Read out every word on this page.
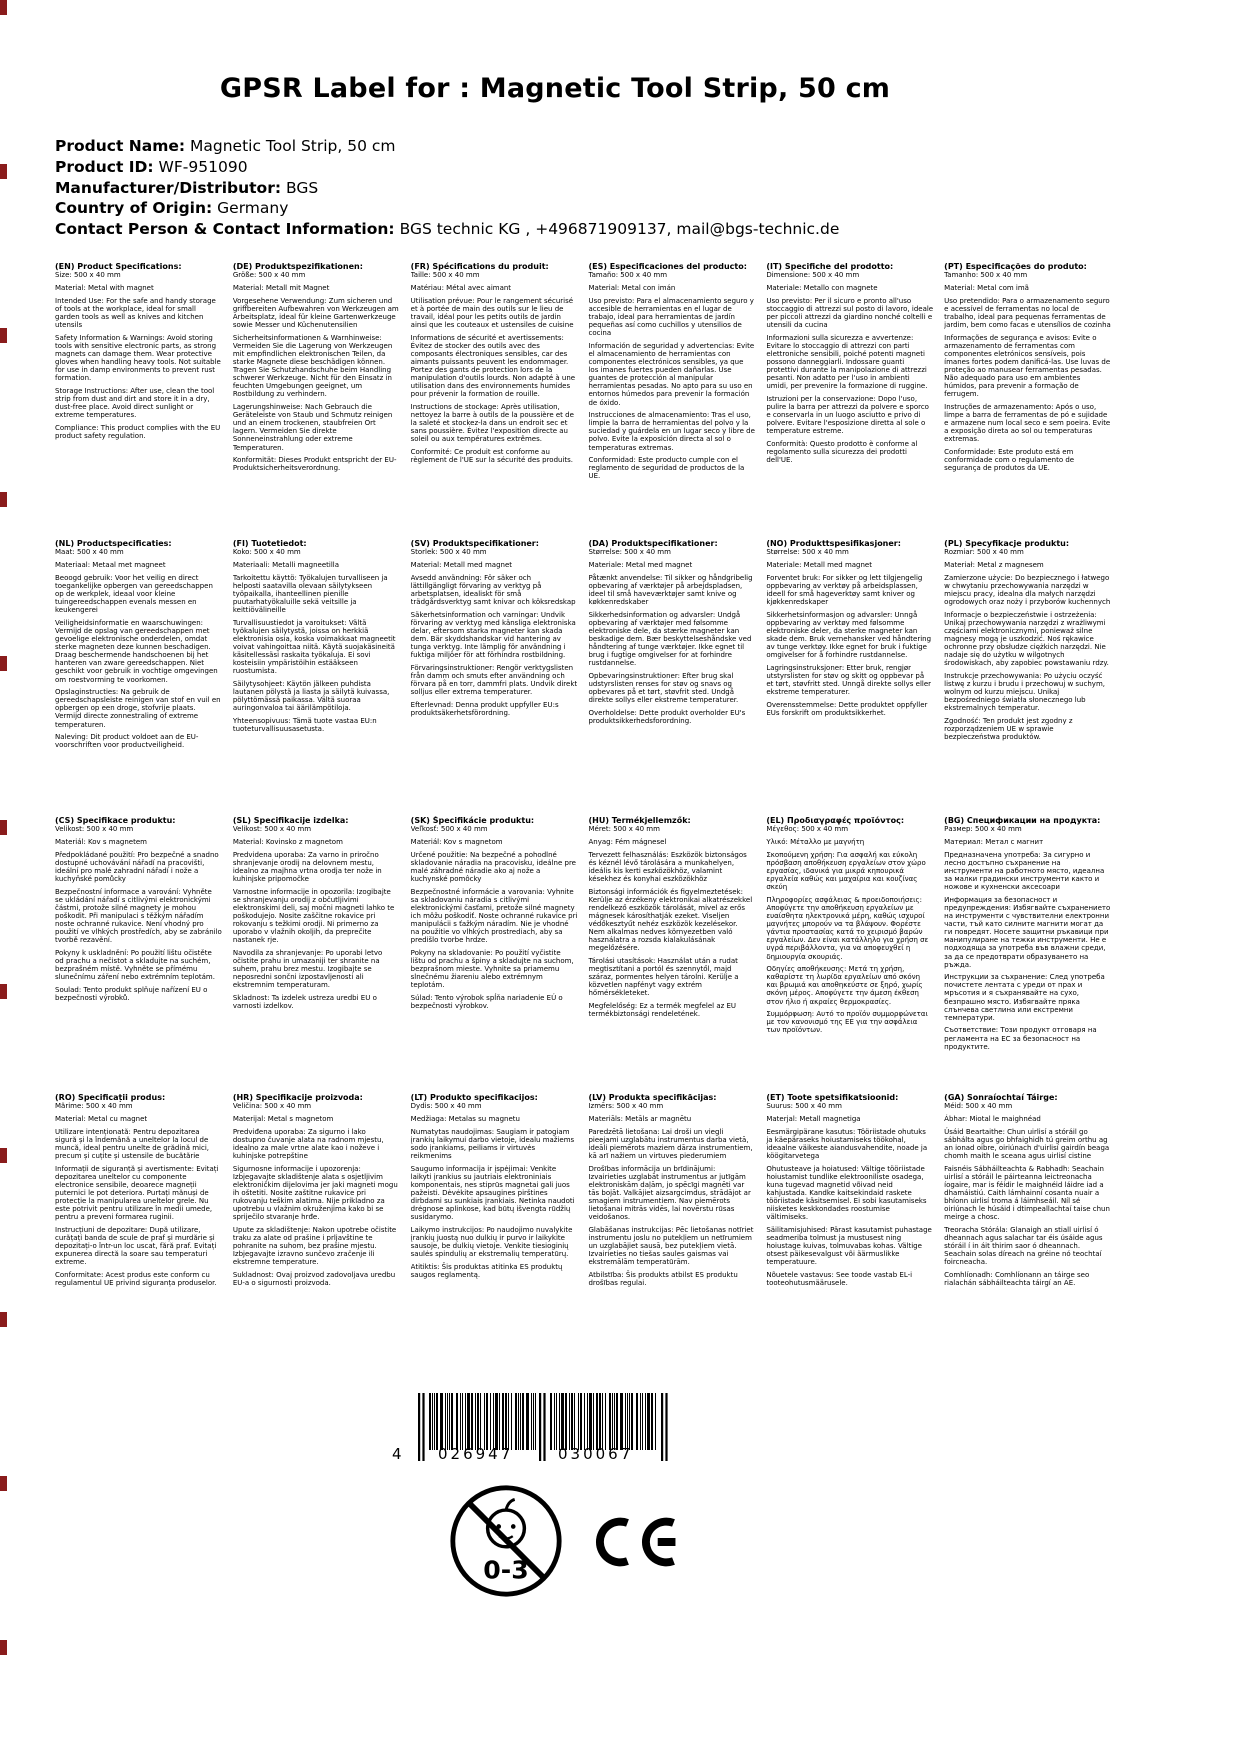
GPSR Label for : Magnetic Tool Strip, 50 cm
Product Name: Magnetic Tool Strip, 50 cm
Product ID: WF-951090
Manufacturer/Distributor: BGS
Country of Origin: Germany
Contact Person & Contact Information: BGS technic KG , +496871909137, mail@bgs-technic.de
(EN) Product Specifications:

Size: 500 x 40 mm

Material: Metal with magnet

Intended Use: For the safe and handy storage of tools at the workplace, ideal for small garden tools as well as knives and kitchen utensils

Safety Information & Warnings: Avoid storing tools with sensitive electronic parts, as strong magnets can damage them. Wear protective gloves when handling heavy tools. Not suitable for use in damp environments to prevent rust formation.

Storage Instructions: After use, clean the tool strip from dust and dirt and store it in a dry, dust-free place. Avoid direct sunlight or extreme temperatures.

Compliance: This product complies with the EU product safety regulation.

(DE) Produktspezifikationen:

Größe: 500 x 40 mm

Material: Metall mit Magnet

Vorgesehene Verwendung: Zum sicheren und griffbereiten Aufbewahren von Werkzeugen am Arbeitsplatz, ideal für kleine Gartenwerkzeuge sowie Messer und Küchenutensilien

Sicherheitsinformationen & Warnhinweise: Vermeiden Sie die Lagerung von Werkzeugen mit empfindlichen elektronischen Teilen, da starke Magnete diese beschädigen können. Tragen Sie Schutzhandschuhe beim Handling schwerer Werkzeuge. Nicht für den Einsatz in feuchten Umgebungen geeignet, um Rostbildung zu verhindern.

Lagerungshinweise: Nach Gebrauch die Geräteleiste von Staub und Schmutz reinigen und an einem trockenen, staubfreien Ort lagern. Vermeiden Sie direkte Sonneneinstrahlung oder extreme Temperaturen.

Konformität: Dieses Produkt entspricht der EU-Produktsicherheitsverordnung.

(FR) Spécifications du produit:

Taille: 500 x 40 mm

Matériau: Métal avec aimant

Utilisation prévue: Pour le rangement sécurisé et à portée de main des outils sur le lieu de travail, idéal pour les petits outils de jardin ainsi que les couteaux et ustensiles de cuisine

Informations de sécurité et avertissements: Évitez de stocker des outils avec des composants électroniques sensibles, car des aimants puissants peuvent les endommager. Portez des gants de protection lors de la manipulation d'outils lourds. Non adapté à une utilisation dans des environnements humides pour prévenir la formation de rouille.

Instructions de stockage: Après utilisation, nettoyez la barre à outils de la poussière et de la saleté et stockez-la dans un endroit sec et sans poussière. Évitez l'exposition directe au soleil ou aux températures extrêmes.

Conformité: Ce produit est conforme au règlement de l'UE sur la sécurité des produits.

(ES) Especificaciones del producto:

Tamaño: 500 x 40 mm

Material: Metal con imán

Uso previsto: Para el almacenamiento seguro y accesible de herramientas en el lugar de trabajo, ideal para herramientas de jardín pequeñas así como cuchillos y utensilios de cocina

Información de seguridad y advertencias: Evite el almacenamiento de herramientas con componentes electrónicos sensibles, ya que los imanes fuertes pueden dañarlas. Use guantes de protección al manipular herramientas pesadas. No apto para su uso en entornos húmedos para prevenir la formación de óxido.

Instrucciones de almacenamiento: Tras el uso, limpie la barra de herramientas del polvo y la suciedad y guárdela en un lugar seco y libre de polvo. Evite la exposición directa al sol o temperaturas extremas.

Conformidad: Este producto cumple con el reglamento de seguridad de productos de la UE.

(IT) Specifiche del prodotto:

Dimensione: 500 x 40 mm

Materiale: Metallo con magnete

Uso previsto: Per il sicuro e pronto all'uso stoccaggio di attrezzi sul posto di lavoro, ideale per piccoli attrezzi da giardino nonché coltelli e utensili da cucina

Informazioni sulla sicurezza e avvertenze: Evitare lo stoccaggio di attrezzi con parti elettroniche sensibili, poiché potenti magneti possono danneggiarli. Indossare guanti protettivi durante la manipolazione di attrezzi pesanti. Non adatto per l'uso in ambienti umidi, per prevenire la formazione di ruggine.

Istruzioni per la conservazione: Dopo l'uso, pulire la barra per attrezzi da polvere e sporco e conservarla in un luogo asciutto e privo di polvere. Evitare l'esposizione diretta al sole o temperature estreme.

Conformità: Questo prodotto è conforme al regolamento sulla sicurezza dei prodotti dell'UE.

(PT) Especificações do produto:

Tamanho: 500 x 40 mm

Material: Metal com imã

Uso pretendido: Para o armazenamento seguro e acessível de ferramentas no local de trabalho, ideal para pequenas ferramentas de jardim, bem como facas e utensílios de cozinha

Informações de segurança e avisos: Evite o armazenamento de ferramentas com componentes eletrónicos sensíveis, pois ímanes fortes podem danificá-las. Use luvas de proteção ao manusear ferramentas pesadas. Não adequado para uso em ambientes húmidos, para prevenir a formação de ferrugem.

Instruções de armazenamento: Após o uso, limpe a barra de ferramentas de pó e sujidade e armazene num local seco e sem poeira. Evite a exposição direta ao sol ou temperaturas extremas.

Conformidade: Este produto está em conformidade com o regulamento de segurança de produtos da UE.

(NL) Productspecificaties:

Maat: 500 x 40 mm

Materiaal: Metaal met magneet

Beoogd gebruik: Voor het veilig en direct toegankelijke opbergen van gereedschappen op de werkplek, ideaal voor kleine tuingereedschappen evenals messen en keukengerei

Veiligheidsinformatie en waarschuwingen: Vermijd de opslag van gereedschappen met gevoelige elektronische onderdelen, omdat sterke magneten deze kunnen beschadigen. Draag beschermende handschoenen bij het hanteren van zware gereedschappen. Niet geschikt voor gebruik in vochtige omgevingen om roestvorming te voorkomen.

Opslaginstructies: Na gebruik de gereedschapsleiste reinigen van stof en vuil en opbergen op een droge, stofvrije plaats. Vermijd directe zonnestraling of extreme temperaturen.

Naleving: Dit product voldoet aan de EU-voorschriften voor productveiligheid.

(FI) Tuotetiedot:

Koko: 500 x 40 mm

Materiaali: Metalli magneetilla

Tarkoitettu käyttö: Työkalujen turvalliseen ja helposti saatavilla olevaan säilytykseen työpaikalla, ihanteellinen pienille puutarhatyökaluille sekä veitsille ja keittiövälineille

Turvallisuustiedot ja varoitukset: Vältä työkalujen säilytystä, joissa on herkkiä elektronisia osia, koska voimakkaat magneetit voivat vahingoittaa niitä. Käytä suojakäsineitä käsitellessäsi raskaita työkaluja. Ei sovi kosteisiin ympäristöihin estääkseen ruostumista.

Säilytysohjeet: Käytön jälkeen puhdista lautanen pölystä ja liasta ja säilytä kuivassa, pölyttömässä paikassa. Vältä suoraa auringonvaloa tai äärilämpötiloja.

Yhteensopivuus: Tämä tuote vastaa EU:n tuoteturvallisuusasetusta.

(SV) Produktspecifikationer:

Storlek: 500 x 40 mm

Material: Metall med magnet

Avsedd användning: För säker och lättillgängligt förvaring av verktyg på arbetsplatsen, idealiskt för små trädgårdsverktyg samt knivar och köksredskap

Säkerhetsinformation och varningar: Undvik förvaring av verktyg med känsliga elektroniska delar, eftersom starka magneter kan skada dem. Bär skyddshandskar vid hantering av tunga verktyg. Inte lämplig för användning i fuktiga miljöer för att förhindra rostbildning.

Förvaringsinstruktioner: Rengör verktygslisten från damm och smuts efter användning och förvara på en torr, dammfri plats. Undvik direkt solljus eller extrema temperaturer.

Efterlevnad: Denna produkt uppfyller EU:s produktsäkerhetsförordning.

(DA) Produktspecifikationer:

Størrelse: 500 x 40 mm

Materiale: Metal med magnet

Påtænkt anvendelse: Til sikker og håndgribelig opbevaring af værktøjer på arbejdspladsen, ideel til små haveværktøjer samt knive og køkkenredskaber

Sikkerhedsinformation og advarsler: Undgå opbevaring af værktøjer med følsomme elektroniske dele, da stærke magneter kan beskadige dem. Bær beskyttelseshåndske ved håndtering af tunge værktøjer. Ikke egnet til brug i fugtige omgivelser for at forhindre rustdannelse.

Opbevaringsinstruktioner: Efter brug skal udstyrslisten renses for støv og snavs og opbevares på et tørt, støvfrit sted. Undgå direkte sollys eller ekstreme temperaturer.

Overholdelse: Dette produkt overholder EU's produktsikkerhedsforordning.

(NO) Produkttspesifikasjoner:

Størrelse: 500 x 40 mm

Materiale: Metall med magnet

Forventet bruk: For sikker og lett tilgjengelig oppbevaring av verktøy på arbeidsplassen, ideell for små hageverktøy samt kniver og kjøkkenredskaper

Sikkerhetsinformasjon og advarsler: Unngå oppbevaring av verktøy med følsomme elektroniske deler, da sterke magneter kan skade dem. Bruk vernehansker ved håndtering av tunge verktøy. Ikke egnet for bruk i fuktige omgivelser for å forhindre rustdannelse.

Lagringsinstruksjoner: Etter bruk, rengjør utstyrslisten for støv og skitt og oppbevar på et tørt, støvfritt sted. Unngå direkte sollys eller ekstreme temperaturer.

Overensstemmelse: Dette produktet oppfyller EUs forskrift om produktsikkerhet.

(PL) Specyfikacje produktu:

Rozmiar: 500 x 40 mm

Materiał: Metal z magnesem

Zamierzone użycie: Do bezpiecznego i łatwego w chwytaniu przechowywania narzędzi w miejscu pracy, idealna dla małych narzędzi ogrodowych oraz noży i przyborów kuchennych

Informacje o bezpieczeństwie i ostrzeżenia: Unikaj przechowywania narzędzi z wrażliwymi częściami elektronicznymi, ponieważ silne magnesy mogą je uszkodzić. Noś rękawice ochronne przy obsłudze ciężkich narzędzi. Nie nadaje się do użytku w wilgotnych środowiskach, aby zapobiec powstawaniu rdzy.

Instrukcje przechowywania: Po użyciu oczyść listwę z kurzu i brudu i przechowuj w suchym, wolnym od kurzu miejscu. Unikaj bezpośredniego światła słonecznego lub ekstremalnych temperatur.

Zgodność: Ten produkt jest zgodny z rozporządzeniem UE w sprawie bezpieczeństwa produktów.

(CS) Specifikace produktu:

Velikost: 500 x 40 mm

Materiál: Kov s magnetem

Předpokládané použití: Pro bezpečné a snadno dostupné uchovávání nářadí na pracovišti, ideální pro malé zahradní nářadí i nože a kuchyňské pomůcky

Bezpečnostní informace a varování: Vyhněte se ukládání nářadí s citlivými elektronickými částmi, protože silné magnety je mohou poškodit. Při manipulaci s těžkým nářadím noste ochranné rukavice. Není vhodný pro použití ve vlhkých prostředích, aby se zabránilo tvorbě rezavění.

Pokyny k uskladnění: Po použití lištu očistěte od prachu a nečistot a skladujte na suchém, bezprašném místě. Vyhněte se přímému slunečnímu záření nebo extrémním teplotám.

Soulad: Tento produkt splňuje nařízení EU o bezpečnosti výrobků.

(SL) Specifikacije izdelka:

Velikost: 500 x 40 mm

Material: Kovinsko z magnetom

Predvidena uporaba: Za varno in priročno shranjevanje orodij na delovnem mestu, idealno za majhna vrtna orodja ter nože in kuhinjske pripomočke

Varnostne informacije in opozorila: Izogibajte se shranjevanju orodij z občutljivimi elektronskimi deli, saj močni magneti lahko te poškodujejo. Nosite zaščitne rokavice pri rokovanju s težkimi orodji. Ni primerno za uporabo v vlažnih okoljih, da preprečite nastanek rje.

Navodila za shranjevanje: Po uporabi letvo očistite prahu in umazaniji ter shranite na suhem, prahu brez mestu. Izogibajte se neposredni sončni izpostavljenosti ali ekstremnim temperaturam.

Skladnost: Ta izdelek ustreza uredbi EU o varnosti izdelkov.

(SK) Špecifikácie produktu:

Veľkosť: 500 x 40 mm

Materiál: Kov s magnetom

Určené použitie: Na bezpečné a pohodlné skladovanie náradia na pracovisku, ideálne pre malé záhradné náradie ako aj nože a kuchynské pomôcky

Bezpečnostné informácie a varovania: Vyhnite sa skladovaniu náradia s citlivými elektronickými časťami, pretože silné magnety ich môžu poškodiť. Noste ochranné rukavice pri manipulácii s ťažkým náradím. Nie je vhodné na použitie vo vlhkých prostrediach, aby sa predišlo tvorbe hrdze.

Pokyny na skladovanie: Po použití vyčistite lištu od prachu a špiny a skladujte na suchom, bezprašnom mieste. Vyhnite sa priamemu slnečnému žiareniu alebo extrémnym teplotám.

Súlad: Tento výrobok spĺňa nariadenie EÚ o bezpečnosti výrobkov.

(HU) Termékjellemzők:

Méret: 500 x 40 mm

Anyag: Fém mágnesel

Tervezett felhasználás: Eszközök biztonságos és kéznél lévő tárolására a munkahelyen, ideális kis kerti eszközökhöz, valamint késekhez és konyhai eszközökhöz

Biztonsági információk és figyelmeztetések: Kerülje az érzékeny elektronikai alkatrészekkel rendelkező eszközök tárolását, mivel az erős mágnesek károsíthatják ezeket. Viseljen védőkesztyűt nehéz eszközök kezelésekor. Nem alkalmas nedves környezetben való használatra a rozsda kialakulásának megelőzésére.

Tárolási utasítások: Használat után a rudat megtisztítani a portól és szennytől, majd száraz, pormentes helyen tárolni. Kerülje a közvetlen napfényt vagy extrém hőmérsékleteket.

Megfelelőség: Ez a termék megfelel az EU termékbiztonsági rendeletének.

(EL) Προδιαγραφές προϊόντος:

Μέγεθος: 500 x 40 mm

Υλικό: Μέταλλο με μαγνήτη

Σκοπούμενη χρήση: Για ασφαλή και εύκολη πρόσβαση αποθήκευση εργαλείων στον χώρο εργασίας, ιδανικά για μικρά κηπουρικά εργαλεία καθώς και μαχαίρια και κουζίνας σκεύη

Πληροφορίες ασφάλειας & προειδοποιήσεις: Αποφύγετε την αποθήκευση εργαλείων με ευαίσθητα ηλεκτρονικά μέρη, καθώς ισχυροί μαγνήτες μπορούν να τα βλάψουν. Φορέστε γάντια προστασίας κατά το χειρισμό βαρών εργαλείων. Δεν είναι κατάλληλο για χρήση σε υγρά περιβάλλοντα, για να αποφευχθεί η δημιουργία σκουριάς.

Οδηγίες αποθήκευσης: Μετά τη χρήση, καθαρίστε τη λωρίδα εργαλείων από σκόνη και βρωμιά και αποθηκεύστε σε ξηρό, χωρίς σκόνη μέρος. Αποφύγετε την άμεση έκθεση στον ήλιο ή ακραίες θερμοκρασίες.

Συμμόρφωση: Αυτό το προϊόν συμμορφώνεται με τον κανονισμό της ΕΕ για την ασφάλεια των προϊόντων.

(BG) Спецификации на продукта:

Размер: 500 x 40 mm

Материал: Метал с магнит

Предназначена употреба: За сигурно и лесно достъпно съхранение на инструменти на работното място, идеална за малки градински инструменти както и ножове и кухненски аксесоари

Информация за безопасност и предупреждения: Избягвайте съхранението на инструменти с чувствителни електронни части, тъй като силните магнити могат да ги повредят. Носете защитни ръкавици при манипулиране на тежки инструменти. Не е подходяща за употреба във влажни среди, за да се предотврати образуването на ръжда.

Инструкции за съхранение: След употреба почистете лентата с уреди от прах и мръсотия и я съхранявайте на сухо, безпрашно място. Избягвайте пряка слънчева светлина или екстремни температури.

Съответствие: Този продукт отговаря на регламента на ЕС за безопасност на продуктите.

(RO) Specificații produs:

Mărime: 500 x 40 mm

Material: Metal cu magnet

Utilizare intenționată: Pentru depozitarea sigură și la îndemână a uneltelor la locul de muncă, ideal pentru unelte de grădină mici, precum și cuțite și ustensile de bucătărie

Informații de siguranță și avertismente: Evitați depozitarea uneltelor cu componente electronice sensibile, deoarece magneții puternici le pot deteriora. Purtați mănuși de protecție la manipularea uneltelor grele. Nu este potrivit pentru utilizare în medii umede, pentru a preveni formarea ruginii.

Instrucțiuni de depozitare: După utilizare, curățați banda de scule de praf și murdărie și depozitați-o într-un loc uscat, fără praf. Evitați expunerea directă la soare sau temperaturi extreme.

Conformitate: Acest produs este conform cu regulamentul UE privind siguranța produselor.

(HR) Specifikacije proizvoda:

Veličina: 500 x 40 mm

Materijal: Metal s magnetom

Predviđena uporaba: Za sigurno i lako dostupno čuvanje alata na radnom mjestu, idealno za male vrtne alate kao i noževe i kuhinjske potrepštine

Sigurnosne informacije i upozorenja: Izbjegavajte skladištenje alata s osjetljivim elektroničkim dijelovima jer jaki magneti mogu ih oštetiti. Nosite zaštitne rukavice pri rukovanju teškim alatima. Nije prikladno za upotrebu u vlažnim okruženjima kako bi se spriječilo stvaranje hrđe.

Upute za skladištenje: Nakon upotrebe očistite traku za alate od prašine i prljavštine te pohranite na suhom, bez prašine mjestu. Izbjegavajte izravno sunčevo zračenje ili ekstremne temperature.

Sukladnost: Ovaj proizvod zadovoljava uredbu EU-a o sigurnosti proizvoda.

(LT) Produkto specifikacijos:

Dydis: 500 x 40 mm

Medžiaga: Metalas su magnetu

Numatytas naudojimas: Saugiam ir patogiam įrankių laikymui darbo vietoje, idealu mažiems sodo įrankiams, peiliams ir virtuvės reikmenims

Saugumo informacija ir įspėjimai: Venkite laikyti įrankius su jautriais elektroniniais komponentais, nes stiprūs magnetai gali juos pažeisti. Dėvėkite apsaugines pirštines dirbdami su sunkiais įrankiais. Netinka naudoti drėgnose aplinkose, kad būtų išvengta rūdžių susidarymo.

Laikymo instrukcijos: Po naudojimo nuvalykite įrankių juostą nuo dulkių ir purvo ir laikykite sausoje, be dulkių vietoje. Venkite tiesioginių saulės spindulių ar ekstremalių temperatūrų.

Atitiktis: Šis produktas atitinka ES produktų saugos reglamentą.

(LV) Produkta specifikācijas:

Izmērs: 500 x 40 mm

Materiāls: Metāls ar magnētu

Paredzētā lietošana: Lai droši un viegli pieejami uzglabātu instrumentus darba vietā, ideāli piemērots maziem dārza instrumentiem, kā arī nažiem un virtuves piederumiem

Drošības informācija un brīdinājumi: Izvairieties uzglabāt instrumentus ar jutīgām elektroniskām daļām, jo spēcīgi magnēti var tās bojāt. Valkājiet aizsargcimdus, strādājot ar smagiem instrumentiem. Nav piemērots lietošanai mitrās vidēs, lai novērstu rūsas veidošanos.

Glabāšanas instrukcijas: Pēc lietošanas notīriet instrumentu joslu no putekļiem un netīrumiem un uzglabājiet sausā, bez putekļiem vietā. Izvairieties no tiešas saules gaismas vai ekstremālām temperatūrām.

Atbilstība: Šis produkts atbilst ES produktu drošības regulai.

(ET) Toote spetsifikatsioonid:

Suurus: 500 x 40 mm

Materjal: Metall magnetiga

Eesmärgipärane kasutus: Tööriistade ohutuks ja käepäraseks hoiustamiseks töökohal, ideaalne väikeste aiandusvahendite, noade ja köögitarvetega

Ohutusteave ja hoiatused: Vältige tööriistade hoiustamist tundlike elektrooniliste osadega, kuna tugevad magnetid võivad neid kahjustada. Kandke kaitsekindaid raskete tööriistade käsitsemisel. Ei sobi kasutamiseks niisketes keskkondades roostumise vältimiseks.

Säilitamisjuhised: Pärast kasutamist puhastage seadmeriba tolmust ja mustusest ning hoiustage kuivas, tolmuvabas kohas. Vältige otsest päikesevalgust või äärmuslikke temperatuure.

Nõuetele vastavus: See toode vastab EL-i tooteohutusmäärusele.

(GA) Sonraíochtaí Táirge:

Méid: 500 x 40 mm

Ábhar: Miotal le maighnéad

Úsáid Beartaithe: Chun uirlisí a stóráil go sábhálta agus go bhfaighidh tú greim orthu ag an ionad oibre, oiriúnach d'uirlisí gairdín beaga chomh maith le sceana agus uirlisí cistine

Faisnéis Sábháilteachta & Rabhadh: Seachain uirlisí a stóráil le páirteanna leictreonacha íogaire, mar is féidir le maighnéid láidre iad a dhamáistiú. Caith lámhainní cosanta nuair a bhíonn uirlisí troma á láimhseáil. Níl sé oiriúnach le húsáid i dtimpeallachtaí taise chun meirge a chosc.

Treoracha Stórála: Glanaigh an stiall uirlisí ó dheannach agus salachar tar éis úsáide agus stóráil í in áit thirim saor ó dheannach. Seachain solas díreach na gréine nó teochtaí foircneacha.

Comhlíonadh: Comhlíonann an táirge seo rialachán sábháilteachta táirgí an AE.

4 026947	030067
0-3
